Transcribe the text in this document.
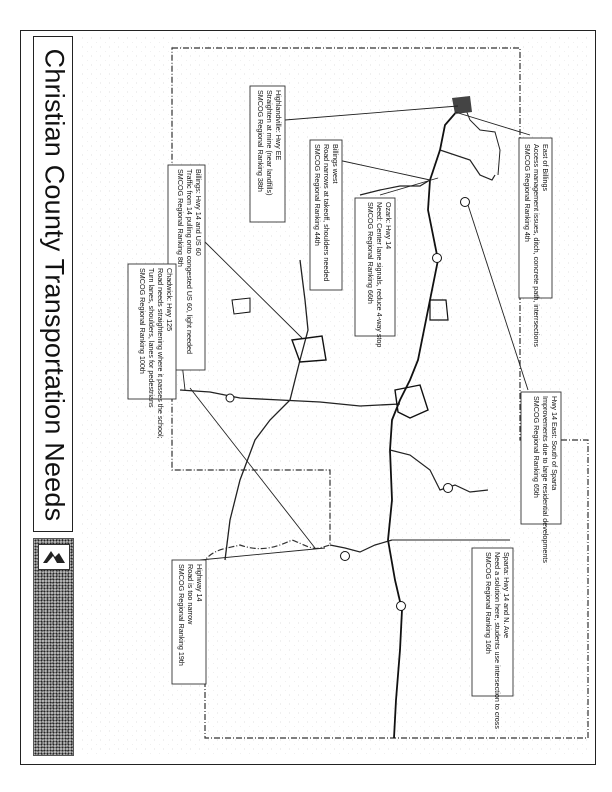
Christian County Transportation Needs	East of Billings
Access management issues, ditch, concrete path, interrsections
SMCOG Regional Ranking 4th
Highlandville: Hwy EE
Straighten at mine (near landfills)
SMCOG Regional Ranking 38th	Billings west
Road narrows at takeoff, shoulders needed
SMCOG Regional Ranking 44th	Ozark: Hwy 14
Need: Center lane signals, reduce 4-way stop
SMCOG Regional Ranking 66th
Billings: Hwy 14 and US 60
Traffic from 14 pulling onto congested US 60, light needed
SMCOG Regional Ranking 8th
Chadwick: Hwy 125
Road needs straightening where it passes the school;
Turn lanes, shoulders, lanes for pedestrians
SMCOG Regional Ranking 100th
Hwy 14 East: South of Sparta
Improvements due to large residential developments
SMCOG Regional Ranking 65th
Sparta: Hwy 14 and N. Ave
Need a solution here, students use intersection to cross
SMCOG Regional Ranking 16th
Highway 14
Road is too narrow
SMCOG Regional Ranking 19th
